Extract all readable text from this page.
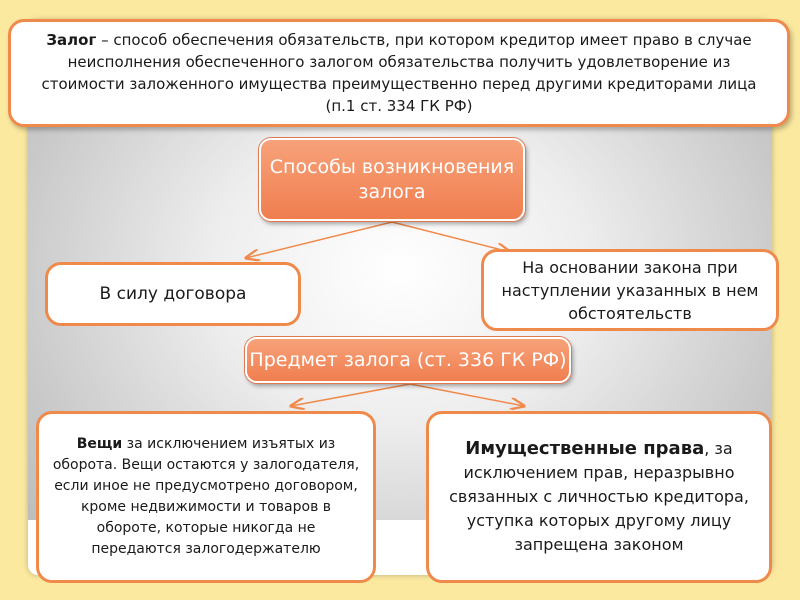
Залог – способ обеспечения обязательств, при котором кредитор имеет право в случае неисполнения обеспеченного залогом обязательства получить удовлетворение из стоимости заложенного имущества преимущественно перед другими кредиторами лица (п.1 ст. 334 ГК РФ)
Способы возникновения залога
В силу договора
На основании закона при наступлении указанных в нем обстоятельств
Предмет залога (ст. 336 ГК РФ)
Вещи за исключением изъятых из оборота. Вещи остаются у залогодателя, если иное не предусмотрено договором, кроме недвижимости и товаров в обороте, которые никогда не передаются залогодержателю
Имущественные права, за исключением прав, неразрывно связанных с личностью кредитора, уступка которых другому лицу запрещена законом
